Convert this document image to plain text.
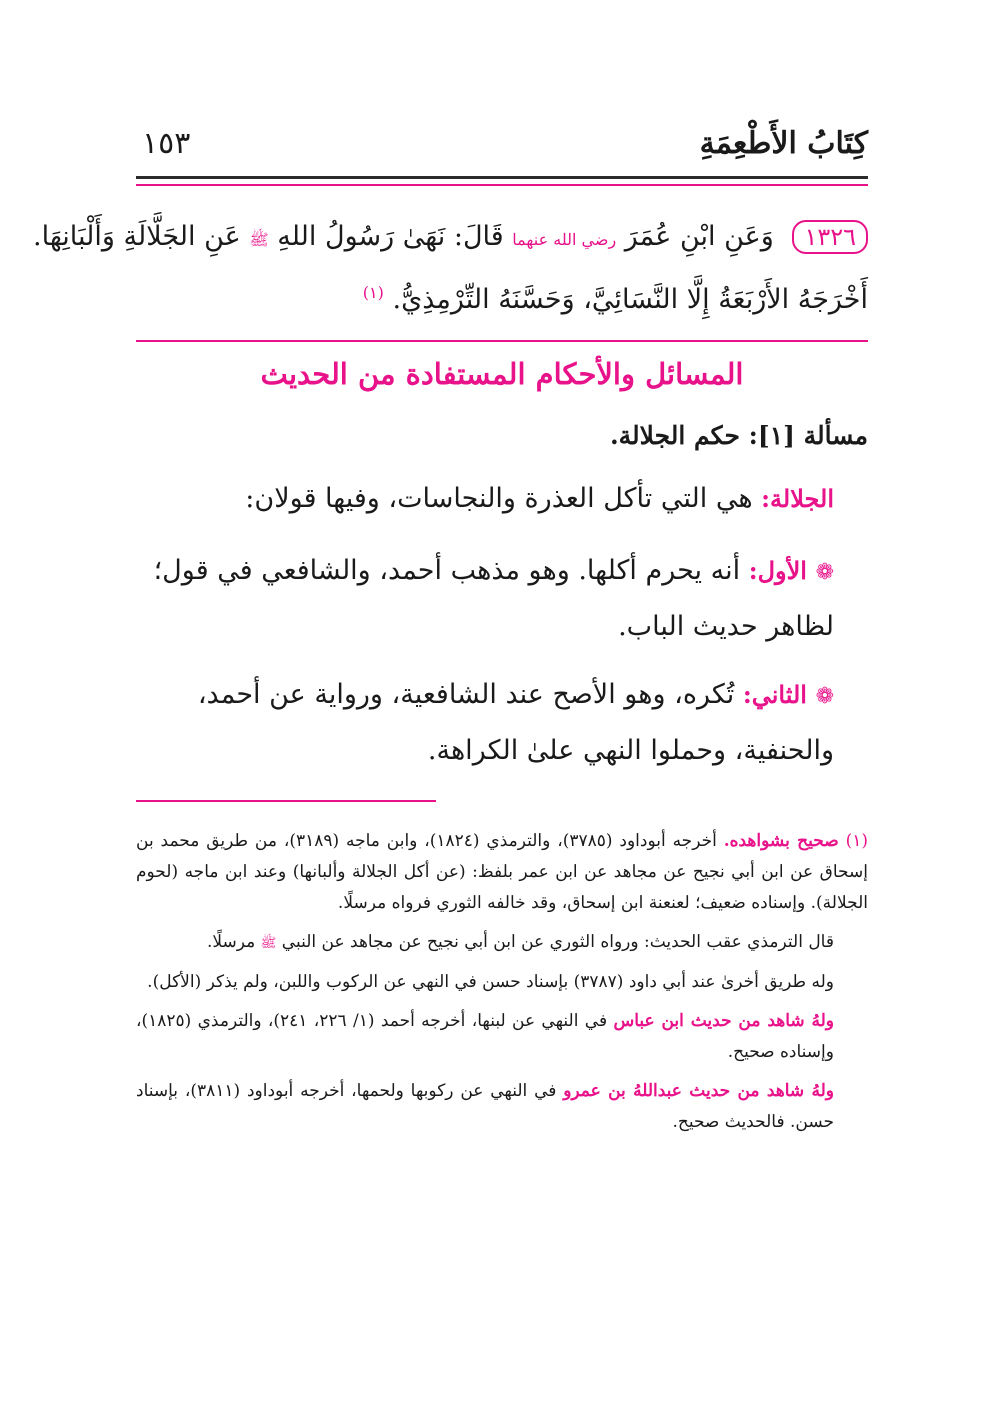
كِتَابُ الأَطْعِمَةِ
١٥٣
١٣٢٦ وَعَنِ ابْنِ عُمَرَ رضي الله عنهما قَالَ: نَهَىٰ رَسُولُ اللهِ ﷺ عَنِ الجَلَّالَةِ وَأَلْبَانِهَا.
أَخْرَجَهُ الأَرْبَعَةُ إِلَّا النَّسَائِيَّ، وَحَسَّنَهُ التِّرْمِذِيُّ. $^{(١)}$
المسائل والأحكام المستفادة من الحديث
مسألة [١]: حكم الجلالة.
الجلالة: هي التي تأكل العذرة والنجاسات، وفيها قولان:
❁ الأول: أنه يحرم أكلها. وهو مذهب أحمد، والشافعي في قول؛ لظاهر حديث الباب.
❁ الثاني: تُكره، وهو الأصح عند الشافعية، ورواية عن أحمد، والحنفية، وحملوا النهي علىٰ الكراهة.
(١) صحيح بشواهده. أخرجه أبوداود (٣٧٨٥)، والترمذي (١٨٢٤)، وابن ماجه (٣١٨٩)، من طريق محمد بن إسحاق عن ابن أبي نجيح عن مجاهد عن ابن عمر بلفظ: (عن أكل الجلالة وألبانها) وعند ابن ماجه (لحوم الجلالة). وإسناده ضعيف؛ لعنعنة ابن إسحاق، وقد خالفه الثوري فرواه مرسلًا.
قال الترمذي عقب الحديث: ورواه الثوري عن ابن أبي نجيح عن مجاهد عن النبي ﷺ مرسلًا.
وله طريق أخرىٰ عند أبي داود (٣٧٨٧) بإسناد حسن في النهي عن الركوب واللبن، ولم يذكر (الأكل).
ولهُ شاهد من حديث ابن عباس في النهي عن لبنها، أخرجه أحمد (١/ ٢٢٦، ٢٤١)، والترمذي (١٨٢٥)، وإسناده صحيح.
ولهُ شاهد من حديث عبداللهُ بن عمرو في النهي عن ركوبها ولحمها، أخرجه أبوداود (٣٨١١)، بإسناد حسن. فالحديث صحيح.
